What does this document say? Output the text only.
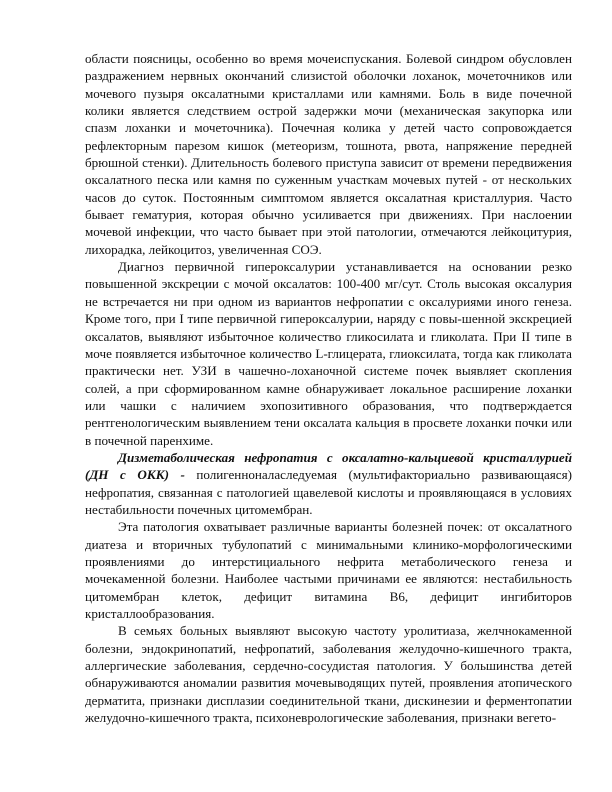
области поясницы, особенно во время мочеиспускания. Болевой синдром обусловлен раздражением нервных окончаний слизистой оболочки лоханок, мочеточников или мочевого пузыря оксалатными кристаллами или камнями. Боль в виде почечной колики является следствием острой задержки мочи (механическая закупорка или спазм лоханки и мочеточника). Почечная колика у детей часто сопровождается рефлекторным парезом кишок (метеоризм, тошнота, рвота, напряжение передней брюшной стенки). Длительность болевого приступа зависит от времени передвижения оксалатного песка или камня по суженным участкам мочевых путей - от нескольких часов до суток. Постоянным симптомом является оксалатная кристаллурия. Часто бывает гематурия, которая обычно усиливается при движениях. При наслоении мочевой инфекции, что часто бывает при этой патологии, отмечаются лейкоцитурия, лихорадка, лейкоцитоз, увеличенная СОЭ.

Диагноз первичной гипероксалурии устанавливается на основании резко повышенной экскреции с мочой оксалатов: 100-400 мг/сут. Столь высокая оксалурия не встречается ни при одном из вариантов нефропатии с оксалуриями иного генеза. Кроме того, при I типе первичной гипероксалурии, наряду с повы-шенной экскрецией оксалатов, выявляют избыточное количество гликосилата и гликолата. При II типе в моче появляется избыточное количество L-глицерата, глиоксилата, тогда как гликолата практически нет. УЗИ в чашечно-лоханочной системе почек выявляет скопления солей, а при сформированном камне обнаруживает локальное расширение лоханки или чашки с наличием эхопозитивного образования, что подтверждается рентгенологическим выявлением тени оксалата кальция в просвете лоханки почки или в почечной паренхиме.

Дизметаболическая нефропатия с оксалатно-кальциевой кристаллурией (ДН с ОКК) - полигенноналаследуемая (мультифакториально развивающаяся) нефропатия, связанная с патологией щавелевой кислоты и проявляющаяся в условиях нестабильности почечных цитомембран.

Эта патология охватывает различные варианты болезней почек: от оксалатного диатеза и вторичных тубулопатий с минимальными клинико-морфологическими проявлениями до интерстициального нефрита метаболического генеза и мочекаменной болезни. Наиболее частыми причинами ее являются: нестабильность цитомембран клеток, дефицит витамина В6, дефицит ингибиторов кристаллообразования.

В семьях больных выявляют высокую частоту уролитиаза, желчнокаменной болезни, эндокринопатий, нефропатий, заболевания желудочно-кишечного тракта, аллергические заболевания, сердечно-сосудистая патология. У большинства детей обнаруживаются аномалии развития мочевыводящих путей, проявления атопического дерматита, признаки дисплазии соединительной ткани, дискинезии и ферментопатии желудочно-кишечного тракта, психоневрологические заболевания, признаки вегето-
